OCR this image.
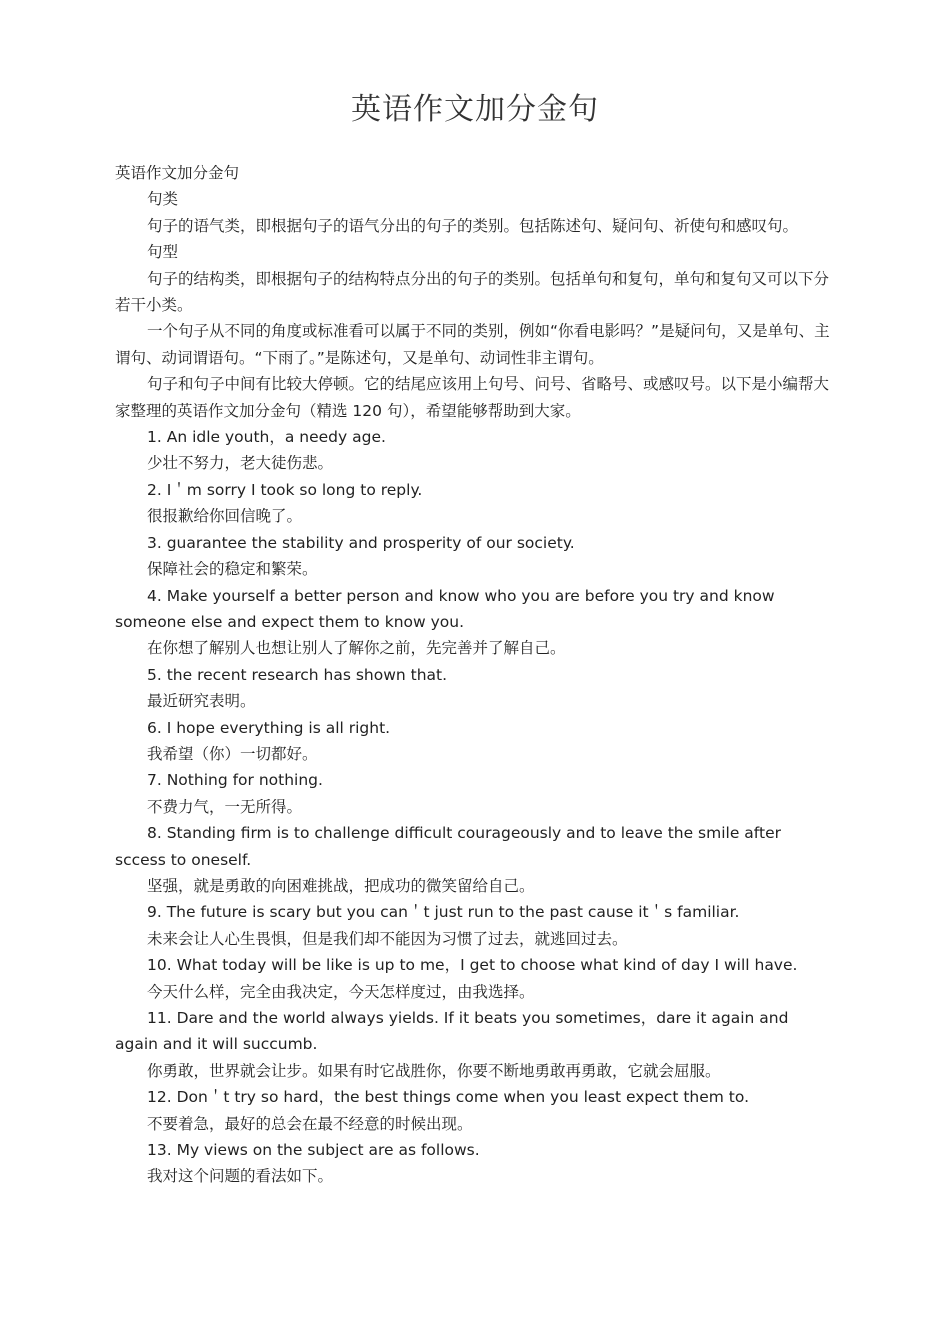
英语作文加分金句

英语作文加分金句

句类

句子的语气类，即根据句子的语气分出的句子的类别。包括陈述句、疑问句、祈使句和感叹句。

句型

句子的结构类，即根据句子的结构特点分出的句子的类别。包括单句和复句，单句和复句又可以下分若干小类。

一个句子从不同的角度或标准看可以属于不同的类别，例如“你看电影吗？”是疑问句，又是单句、主谓句、动词谓语句。“下雨了。”是陈述句，又是单句、动词性非主谓句。

句子和句子中间有比较大停顿。它的结尾应该用上句号、问号、省略号、或感叹号。以下是小编帮大家整理的英语作文加分金句（精选 120 句），希望能够帮助到大家。

1. An idle youth，a needy age.

少壮不努力，老大徒伤悲。

2. I＇m sorry I took so long to reply.

很报歉给你回信晚了。

3. guarantee the stability and prosperity of our society.

保障社会的稳定和繁荣。

4. Make yourself a better person and know who you are before you try and know someone else and expect them to know you.

在你想了解别人也想让别人了解你之前，先完善并了解自己。

5. the recent research has shown that.

最近研究表明。

6. I hope everything is all right.

我希望（你）一切都好。

7. Nothing for nothing.

不费力气，一无所得。

8. Standing firm is to challenge difficult courageously and to leave the smile after sccess to oneself.

坚强，就是勇敢的向困难挑战，把成功的微笑留给自己。

9. The future is scary but you can＇t just run to the past cause it＇s familiar.

未来会让人心生畏惧，但是我们却不能因为习惯了过去，就逃回过去。

10. What today will be like is up to me，I get to choose what kind of day I will have.

今天什么样，完全由我决定，今天怎样度过，由我选择。

11. Dare and the world always yields. If it beats you sometimes，dare it again and again and it will succumb.

你勇敢，世界就会让步。如果有时它战胜你，你要不断地勇敢再勇敢，它就会屈服。

12. Don＇t try so hard，the best things come when you least expect them to.

不要着急，最好的总会在最不经意的时候出现。

13. My views on the subject are as follows.

我对这个问题的看法如下。
